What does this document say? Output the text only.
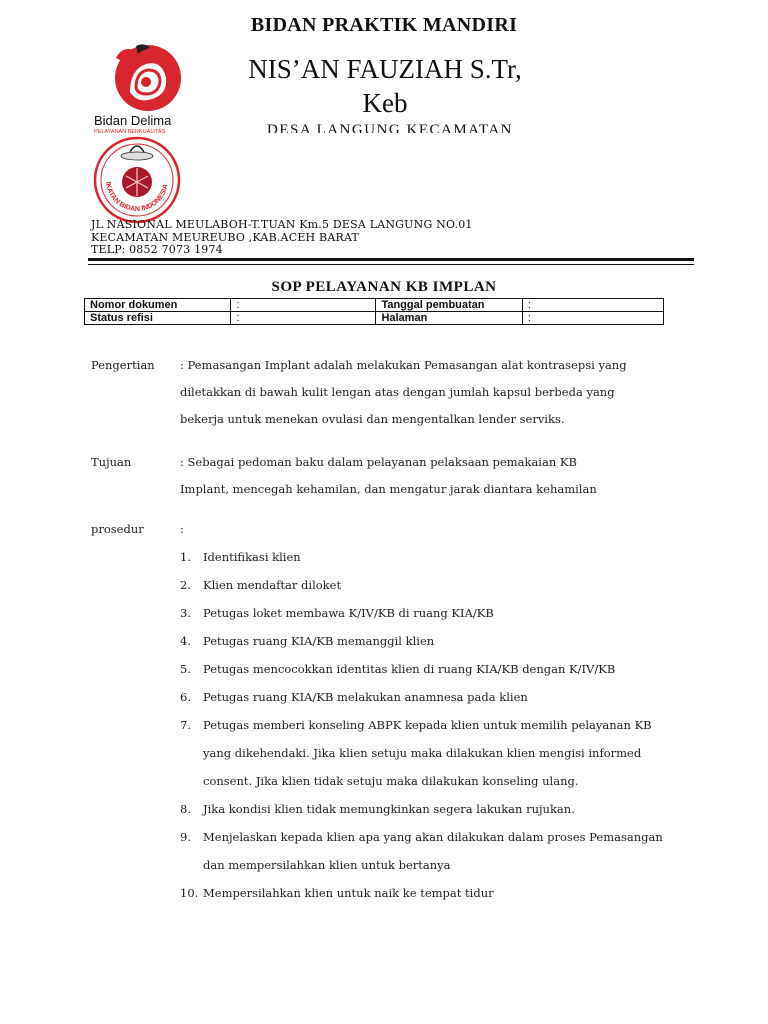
Bidan Delima
PELAYANAN BERKUALITAS
IKATAN BIDAN INDONESIA
BIDAN PRAKTIK MANDIRI
NIS’AN FAUZIAH S.Tr,
Keb
DESA LANGUNG KECAMATAN
JL NASIONAL MEULABOH-T.TUAN Km.5 DESA LANGUNG NO.01
KECAMATAN MEUREUBO ,KAB.ACEH BARAT
TELP: 0852 7073 1974
SOP PELAYANAN KB IMPLAN
Nomor dokumen	:	Tanggal pembuatan	:
Status refisi	:	Halaman	:
Pengertian : Pemasangan Implant adalah melakukan Pemasangan alat kontrasepsi yang
diletakkan di bawah kulit lengan atas dengan jumlah kapsul berbeda yang
bekerja untuk menekan ovulasi dan mengentalkan lender serviks.
Tujuan	: Sebagai pedoman baku dalam pelayanan pelaksaan pemakaian KB
Implant, mencegah kehamilan, dan mengatur jarak diantara kehamilan
prosedur	:
1.	Identifikasi klien
2.	Klien mendaftar diloket
3.	Petugas loket membawa K/IV/KB di ruang KIA/KB
4.	Petugas ruang KIA/KB memanggil klien
5.	Petugas mencocokkan identitas klien di ruang KIA/KB dengan K/IV/KB
6.	Petugas ruang KIA/KB melakukan anamnesa pada klien
7.	Petugas memberi konseling ABPK kepada klien untuk memilih pelayanan KB
yang dikehendaki. Jika klien setuju maka dilakukan klien mengisi informed
consent. Jika klien tidak setuju maka dilakukan konseling ulang.
8.	Jika kondisi klien tidak memungkinkan segera lakukan rujukan.
9.	Menjelaskan kepada klien apa yang akan dilakukan dalam proses Pemasangan
dan mempersilahkan klien untuk bertanya
10. Mempersilahkan klien untuk naik ke tempat tidur
